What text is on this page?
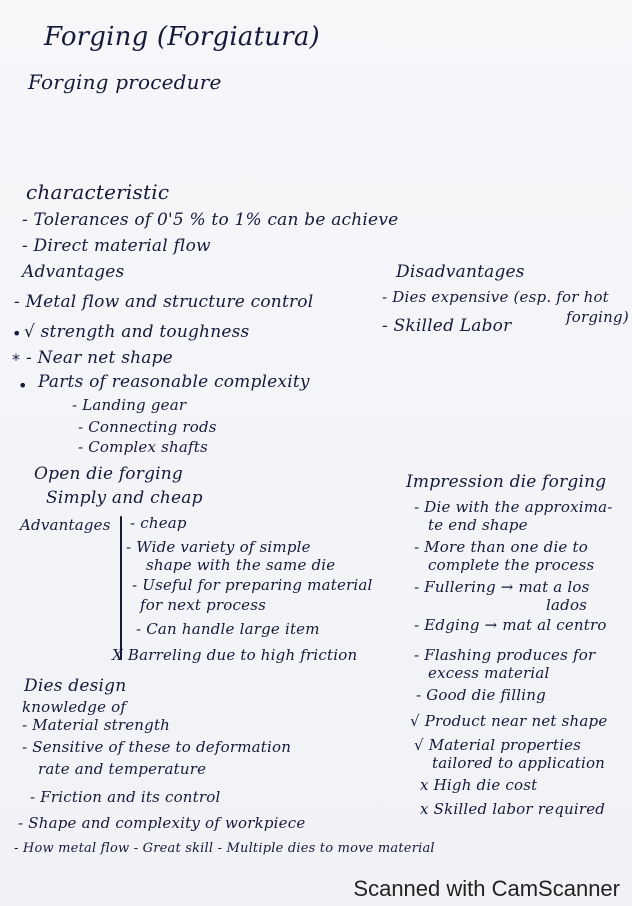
Forging (Forgiatura)
Forging procedure
characteristic
- Tolerances of 0'5 % to 1% can be achieve
- Direct material flow
Advantages
- Metal flow and structure control
• √ strength and toughness
* - Near net shape
• Parts of reasonable complexity
- Landing gear
- Connecting rods
- Complex shafts
Disadvantages
- Dies expensive (esp. for hot
forging)
- Skilled Labor
Open die forging
Simply and cheap
Advantages - cheap
- Wide variety of simple
shape with the same die
- Useful for preparing material
for next process
- Can handle large item
X Barreling due to high friction
Impression die forging
- Die with the approxima-
te end shape
- More than one die to
complete the process
- Fullering → mat a los
lados
- Edging → mat al centro
- Flashing produces for
excess material
- Good die filling
√ Product near net shape
√ Material properties
tailored to application
x High die cost
x Skilled labor required
Dies design
knowledge of
- Material strength
- Sensitive of these to deformation
rate and temperature
- Friction and its control
- Shape and complexity of workpiece
- How metal flow - Great skill - Multiple dies to move material
Scanned with CamScanner
